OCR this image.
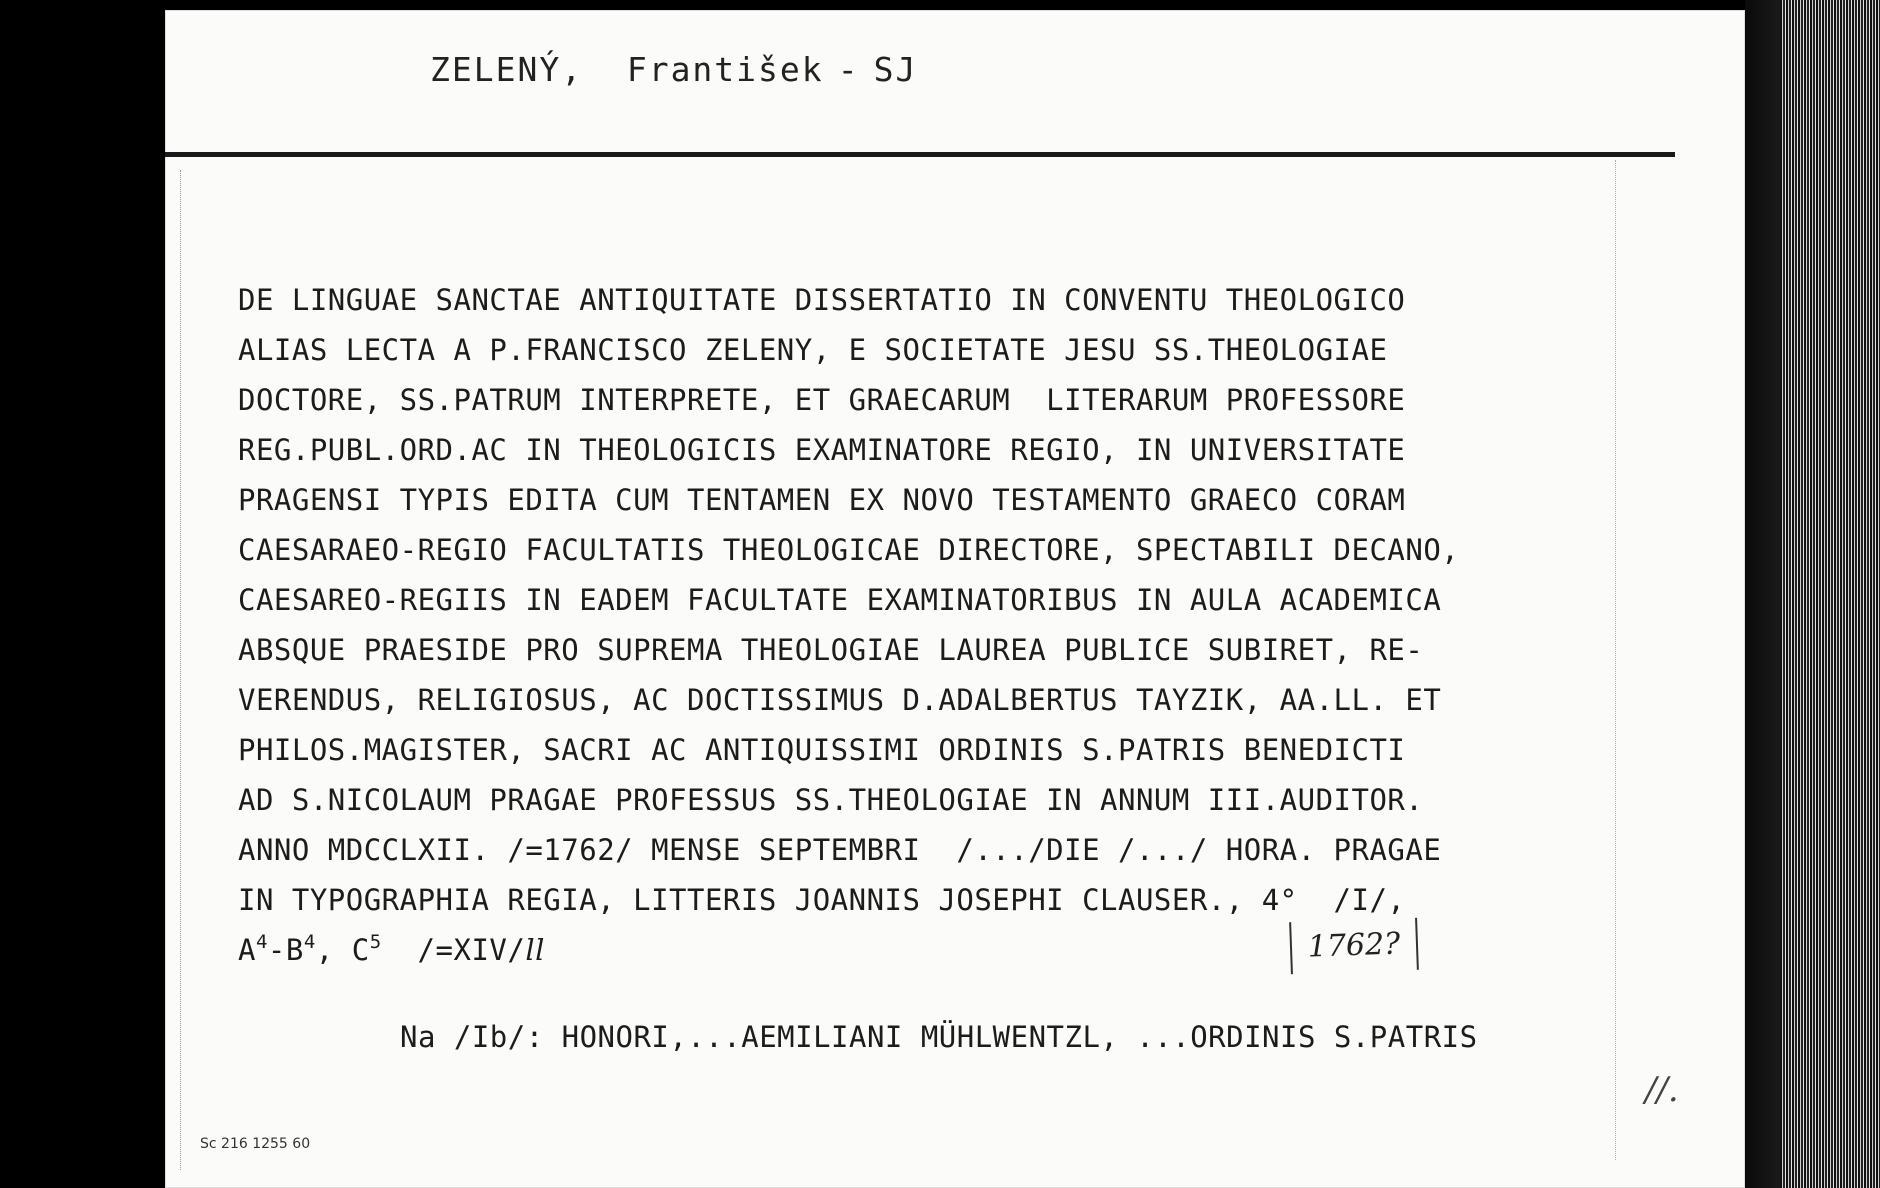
ZELENÝ, František - SJ
DE LINGUAE SANCTAE ANTIQUITATE DISSERTATIO IN CONVENTU THEOLOGICO
ALIAS LECTA A P.FRANCISCO ZELENY, E SOCIETATE JESU SS.THEOLOGIAE
DOCTORE, SS.PATRUM INTERPRETE, ET GRAECARUM  LITERARUM PROFESSORE
REG.PUBL.ORD.AC IN THEOLOGICIS EXAMINATORE REGIO, IN UNIVERSITATE
PRAGENSI TYPIS EDITA CUM TENTAMEN EX NOVO TESTAMENTO GRAECO CORAM
CAESARAEO-REGIO FACULTATIS THEOLOGICAE DIRECTORE, SPECTABILI DECANO,
CAESAREO-REGIIS IN EADEM FACULTATE EXAMINATORIBUS IN AULA ACADEMICA
ABSQUE PRAESIDE PRO SUPREMA THEOLOGIAE LAUREA PUBLICE SUBIRET, RE-
VERENDUS, RELIGIOSUS, AC DOCTISSIMUS D.ADALBERTUS TAYZIK, AA.LL. ET
PHILOS.MAGISTER, SACRI AC ANTIQUISSIMI ORDINIS S.PATRIS BENEDICTI
AD S.NICOLAUM PRAGAE PROFESSUS SS.THEOLOGIAE IN ANNUM III.AUDITOR.
ANNO MDCCLXII. /=1762/ MENSE SEPTEMBRI  /.../DIE /.../ HORA. PRAGAE
IN TYPOGRAPHIA REGIA, LITTERIS JOANNIS JOSEPHI CLAUSER., 4°  /I/,
$A^4-B^4$, $C^5$  /=XIV/ll	1762?
Na /Ib/: HONORI,...AEMILIANI MÜHLWENTZL, ...ORDINIS S.PATRIS
Sc 216 1255 60
//.
